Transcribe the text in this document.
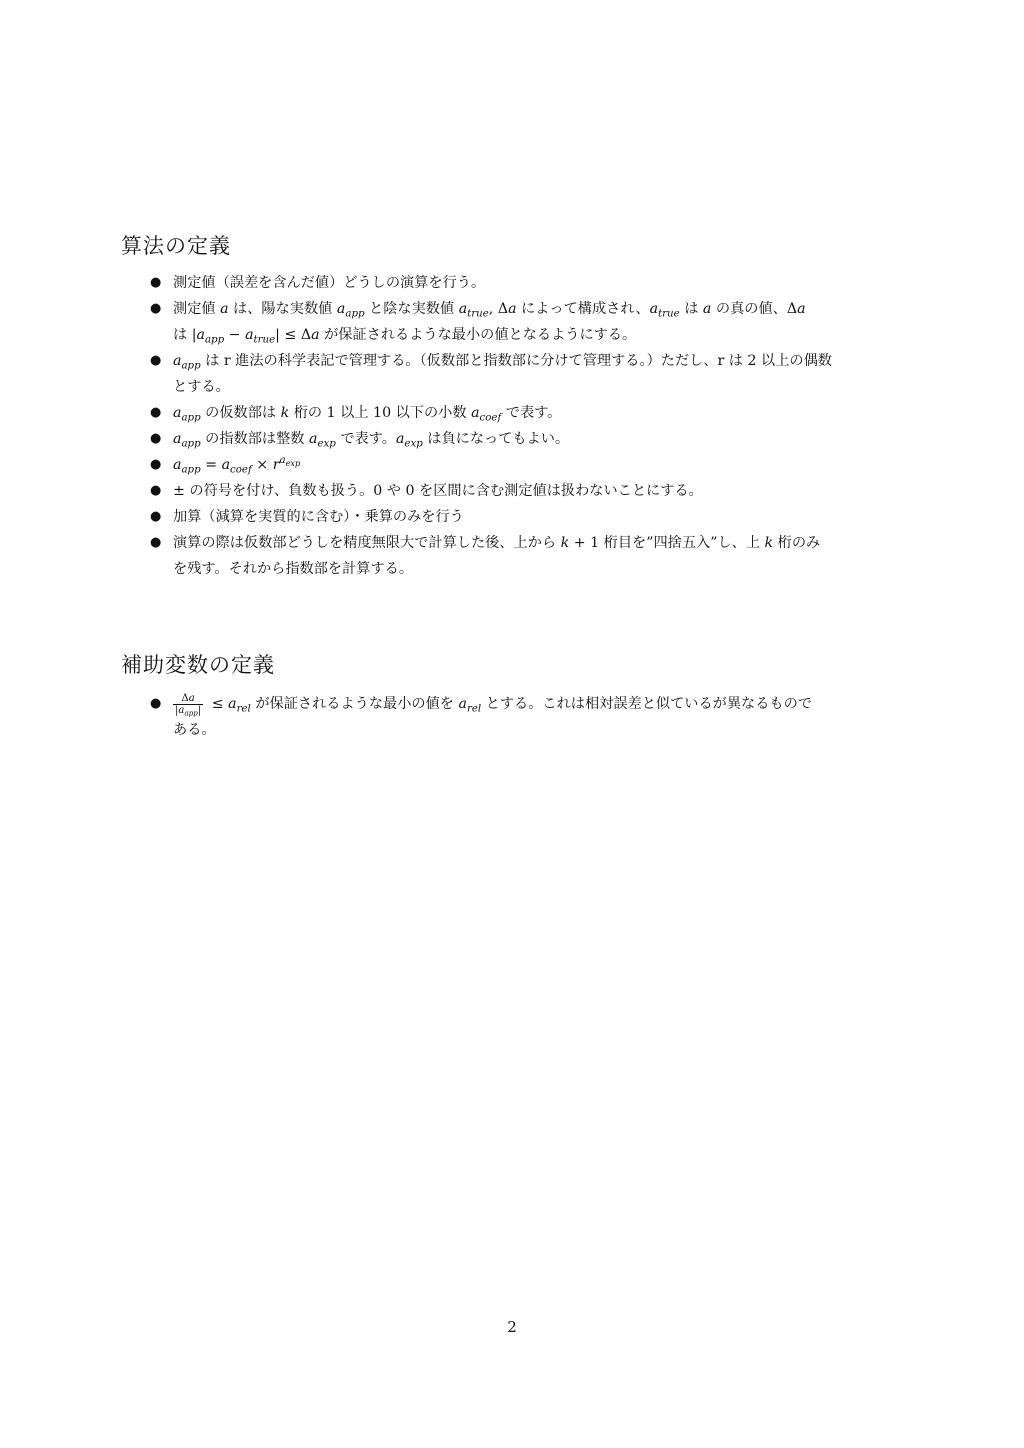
算法の定義
● 測定値（誤差を含んだ値）どうしの演算を行う。
● 測定値 a は、陽な実数値 $a_{app}$ と陰な実数値 $a_{true}$, Δa によって構成され、$a_{true}$ は a の真の値、Δa
は $|a_{app} - a_{true}| \le \Delta a$ が保証されるような最小の値となるようにする。
● $a_{app}$ は r 進法の科学表記で管理する。（仮数部と指数部に分けて管理する。）ただし、r は 2 以上の偶数
とする。
● $a_{app}$ の仮数部は k 桁の 1 以上 10 以下の小数 $a_{coef}$ で表す。
● $a_{app}$ の指数部は整数 $a_{exp}$ で表す。$a_{exp}$ は負になってもよい。
● $a_{app} = a_{coef} \times r^{a_{exp}}$
● ± の符号を付け、負数も扱う。0 や 0 を区間に含む測定値は扱わないことにする。
● 加算（減算を実質的に含む）・乗算のみを行う
● 演算の際は仮数部どうしを精度無限大で計算した後、上から k + 1 桁目を”四捨五入”し、上 k 桁のみ
を残す。それから指数部を計算する。
補助変数の定義
● $\frac{\Delta a}{|a_{app}|} \le a_{rel}$ が保証されるような最小の値を $a_{rel}$ とする。これは相対誤差と似ているが異なるもので
ある。
2
